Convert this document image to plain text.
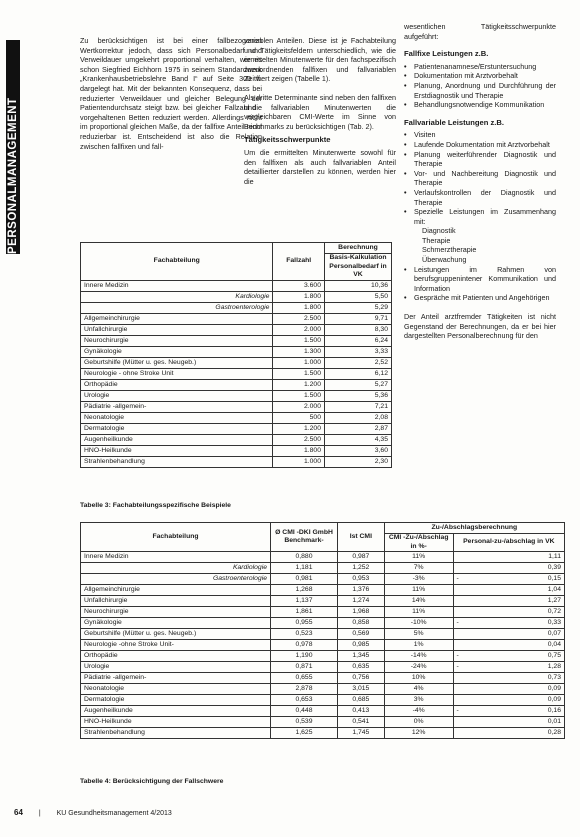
Zu berücksichtigen ist bei einer fallbezogenen Wertkorrektur jedoch, dass sich Personalbedarf und Verweildauer umgekehrt proportional verhalten, wie es schon Siegfried Eichhorn 1975 in seinem Standardwerk „Krankenhausbetriebslehre Band I“ auf Seite 300 ff. dargelegt hat. Mit der bekannten Konsequenz, dass bei reduzierter Verweildauer und gleicher Belegung der Patientendurchsatz steigt bzw. bei gleicher Fallzahl die vorgehaltenen Betten reduziert werden. Allerdings nicht im proportional gleichen Maße, da der fallfixe Anteil nicht reduzierbar ist. Entscheidend ist also die Relation zwischen fallfixen und fall-

variablen Anteilen. Diese ist je Fachabteilung und Tätigkeitsfeldern unterschiedlich, wie die ermittelten Minutenwerte für den fachspezifisch zuzuordnenden fallfixen und fallvariablen Zeitwert zeigen (Tabelle 1).

Als dritte Determinante sind neben den fallfixen und fallvariablen Minutenwerten die vergleichbaren CMI-Werte im Sinne von Benchmarks zu berücksichtigen (Tab. 2).

Tätigkeitsschwerpunkte

Um die ermittelten Minutenwerte sowohl für den fallfixen als auch fallvariablen Anteil detaillierter darstellen zu können, werden hier die

wesentlichen Tätigkeitsschwerpunkte aufgeführt:

Fallfixe Leistungen z.B.
• Patientenanamnese/Erstuntersuchung
• Dokumentation mit Arztvorbehalt
• Planung, Anordnung und Durchführung der Erstdiagnostik und Therapie
• Behandlungsnotwendige Kommunikation
Fallvariable Leistungen z.B.
• Visiten
• Laufende Dokumentation mit Arztvorbehalt
• Planung weiterführender Diagnostik und Therapie
• Vor- und Nachbereitung Diagnostik und Therapie
• Verlaufskontrollen der Diagnostik und Therapie
• Spezielle Leistungen im Zusammenhang mit:
Diagnostik
Therapie
Schmerztherapie
Überwachung
• Leistungen im Rahmen von berufsgruppenintener Kommunikation und Information
• Gespräche mit Patienten und Angehörigen

Der Anteil arztfremder Tätigkeiten ist nicht Gegenstand der Berechnungen, da er bei hier dargestellten Personalberechnung für den

Fachabteilung	Fallzahl	Berechnung
		Basis-Kalkulation Personalbedarf in VK
Innere Medizin	3.600	10,36
Kardiologie	1.800	5,50
Gastroenterologie	1.800	5,29
Allgemeinchirurgie	2.500	9,71
Unfallchirurgie	2.000	8,30
Neurochirurgie	1.500	6,24
Gynäkologie	1.300	3,33
Geburtshilfe (Mütter u. ges. Neugeb.)	1.000	2,52
Neurologie - ohne Stroke Unit	1.500	6,12
Orthopädie	1.200	5,27
Urologie	1.500	5,36
Pädiatrie -allgemein-	2.000	7,21
Neonatologie	500	2,08
Dermatologie	1.200	2,87
Augenheilkunde	2.500	4,35
HNO-Heilkunde	1.800	3,60
Strahlenbehandlung	1.000	2,30
Tabelle 3: Fachabteilungsspezifische Beispiele
Fachabteilung	Ø CMI -DKI GmbH Benchmark-	Ist CMI	Zu-/Abschlagsberechnung		
			CMI -Zu-/Abschlag in %-	Personal-zu-/abschlag in VK	
Innere Medizin	0,880	0,987	11%		1,11
Kardiologie	1,181	1,252	7%		0,39
Gastroenterologie	0,981	0,953	-3%	-	0,15
Allgemeinchirurgie	1,268	1,376	11%		1,04
Unfallchirurgie	1,137	1,274	14%		1,27
Neurochirurgie	1,861	1,968	11%		0,72
Gynäkologie	0,955	0,858	-10%	-	0,33
Geburtshilfe (Mütter u. ges. Neugeb.)	0,523	0,569	5%		0,07
Neurologie -ohne Stroke Unit-	0,978	0,985	1%		0,04
Orthopädie	1,190	1,345	-14%	-	0,75
Urologie	0,871	0,635	-24%	-	1,28
Pädiatrie -allgemein-	0,655	0,756	10%		0,73
Neonatologie	2,878	3,015	4%		0,09
Dermatologie	0,653	0,685	3%		0,09
Augenheilkunde	0,448	0,413	-4%	-	0,16
HNO-Heilkunde	0,539	0,541	0%		0,01
Strahlenbehandlung	1,625	1,745	12%		0,28
Tabelle 4: Berücksichtigung der Fallschwere
64 | KU Gesundheitsmanagement 4/2013
